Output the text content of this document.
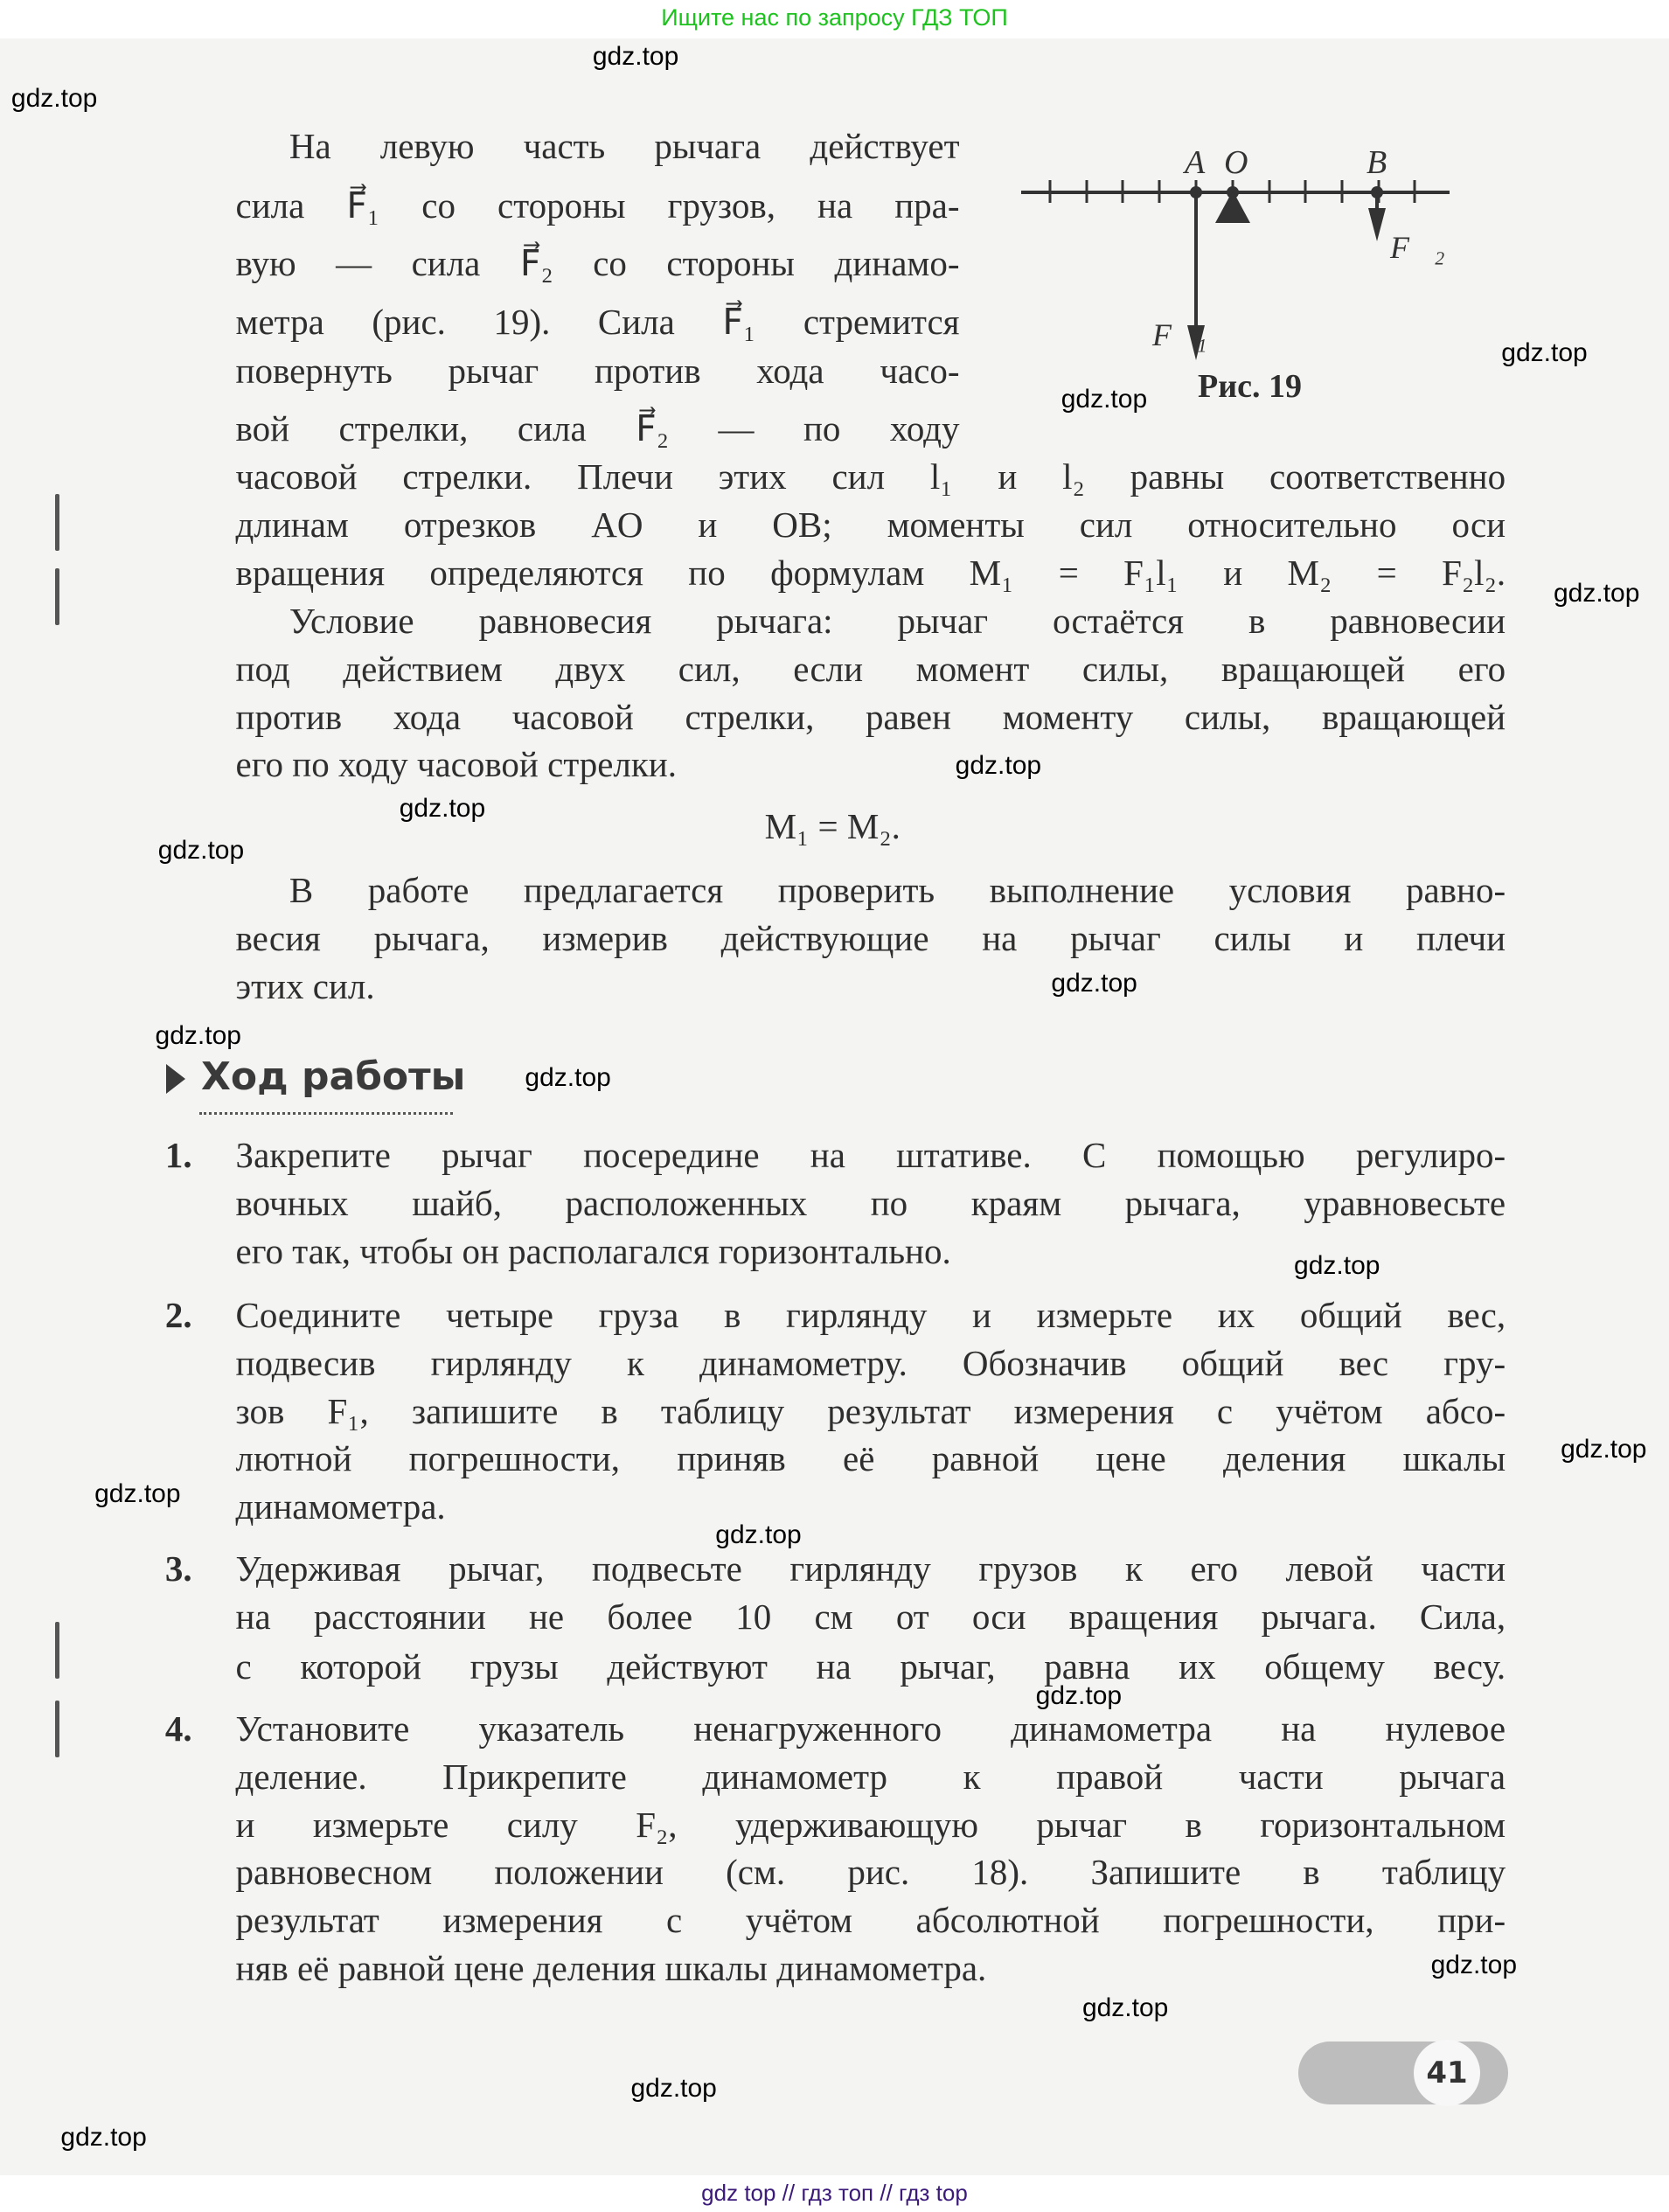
Ищите нас по запросу ГДЗ ТОП
На левую часть рычага действует
сила F⃗₁ со стороны грузов, на пра-
вую — сила F⃗₂ со стороны динамо-
метра (рис. 19). Сила F⃗₁ стремится
повернуть рычаг против хода часо-
вой стрелки, сила F⃗₂ — по ходу
часовой стрелки. Плечи этих сил l₁ и l₂ равны соответственно
длинам отрезков AO и OB; моменты сил относительно оси
вращения определяются по формулам M₁ = F₁l₁ и M₂ = F₂l₂.
Условие равновесия рычага: рычаг остаётся в равновесии
под действием двух сил, если момент силы, вращающей его
против хода часовой стрелки, равен моменту силы, вращающей
его по ходу часовой стрелки.
M₁ = M₂.
В работе предлагается проверить выполнение условия равно-
весия рычага, измерив действующие на рычаг силы и плечи
этих сил.
1. Закрепите рычаг посередине на штативе. С помощью регулиро-
вочных шайб, расположенных по краям рычага, уравновесьте
его так, чтобы он располагался горизонтально.
2. Соедините четыре груза в гирлянду и измерьте их общий вес,
подвесив гирлянду к динамометру. Обозначив общий вес гру-
зов F₁, запишите в таблицу результат измерения с учётом абсо-
лютной погрешности, приняв её равной цене деления шкалы
динамометра.
3. Удерживая рычаг, подвесьте гирлянду грузов к его левой части
на расстоянии не более 10 см от оси вращения рычага. Сила,
с которой грузы действуют на рычаг, равна их общему весу.
4. Установите указатель ненагруженного динамометра на нулевое
деление. Прикрепите динамометр к правой части рычага
и измерьте силу F₂, удерживающую рычаг в горизонтальном
равновесном положении (см. рис. 18). Запишите в таблицу
результат измерения с учётом абсолютной погрешности, при-
няв её равной цене деления шкалы динамометра.
A O	B
F⃗₂
F⃗₁
Рис. 19
Ход работы
41
gdz.top
gdz.top
gdz.top
gdz.top
gdz.top
gdz.top
gdz.top
gdz.top
gdz.top
gdz.top
gdz.top
gdz.top
gdz.top
gdz.top
gdz.top
gdz.top
gdz.top
gdz.top
gdz.top
gdz.top
gdz top // гдз топ // гдз top
